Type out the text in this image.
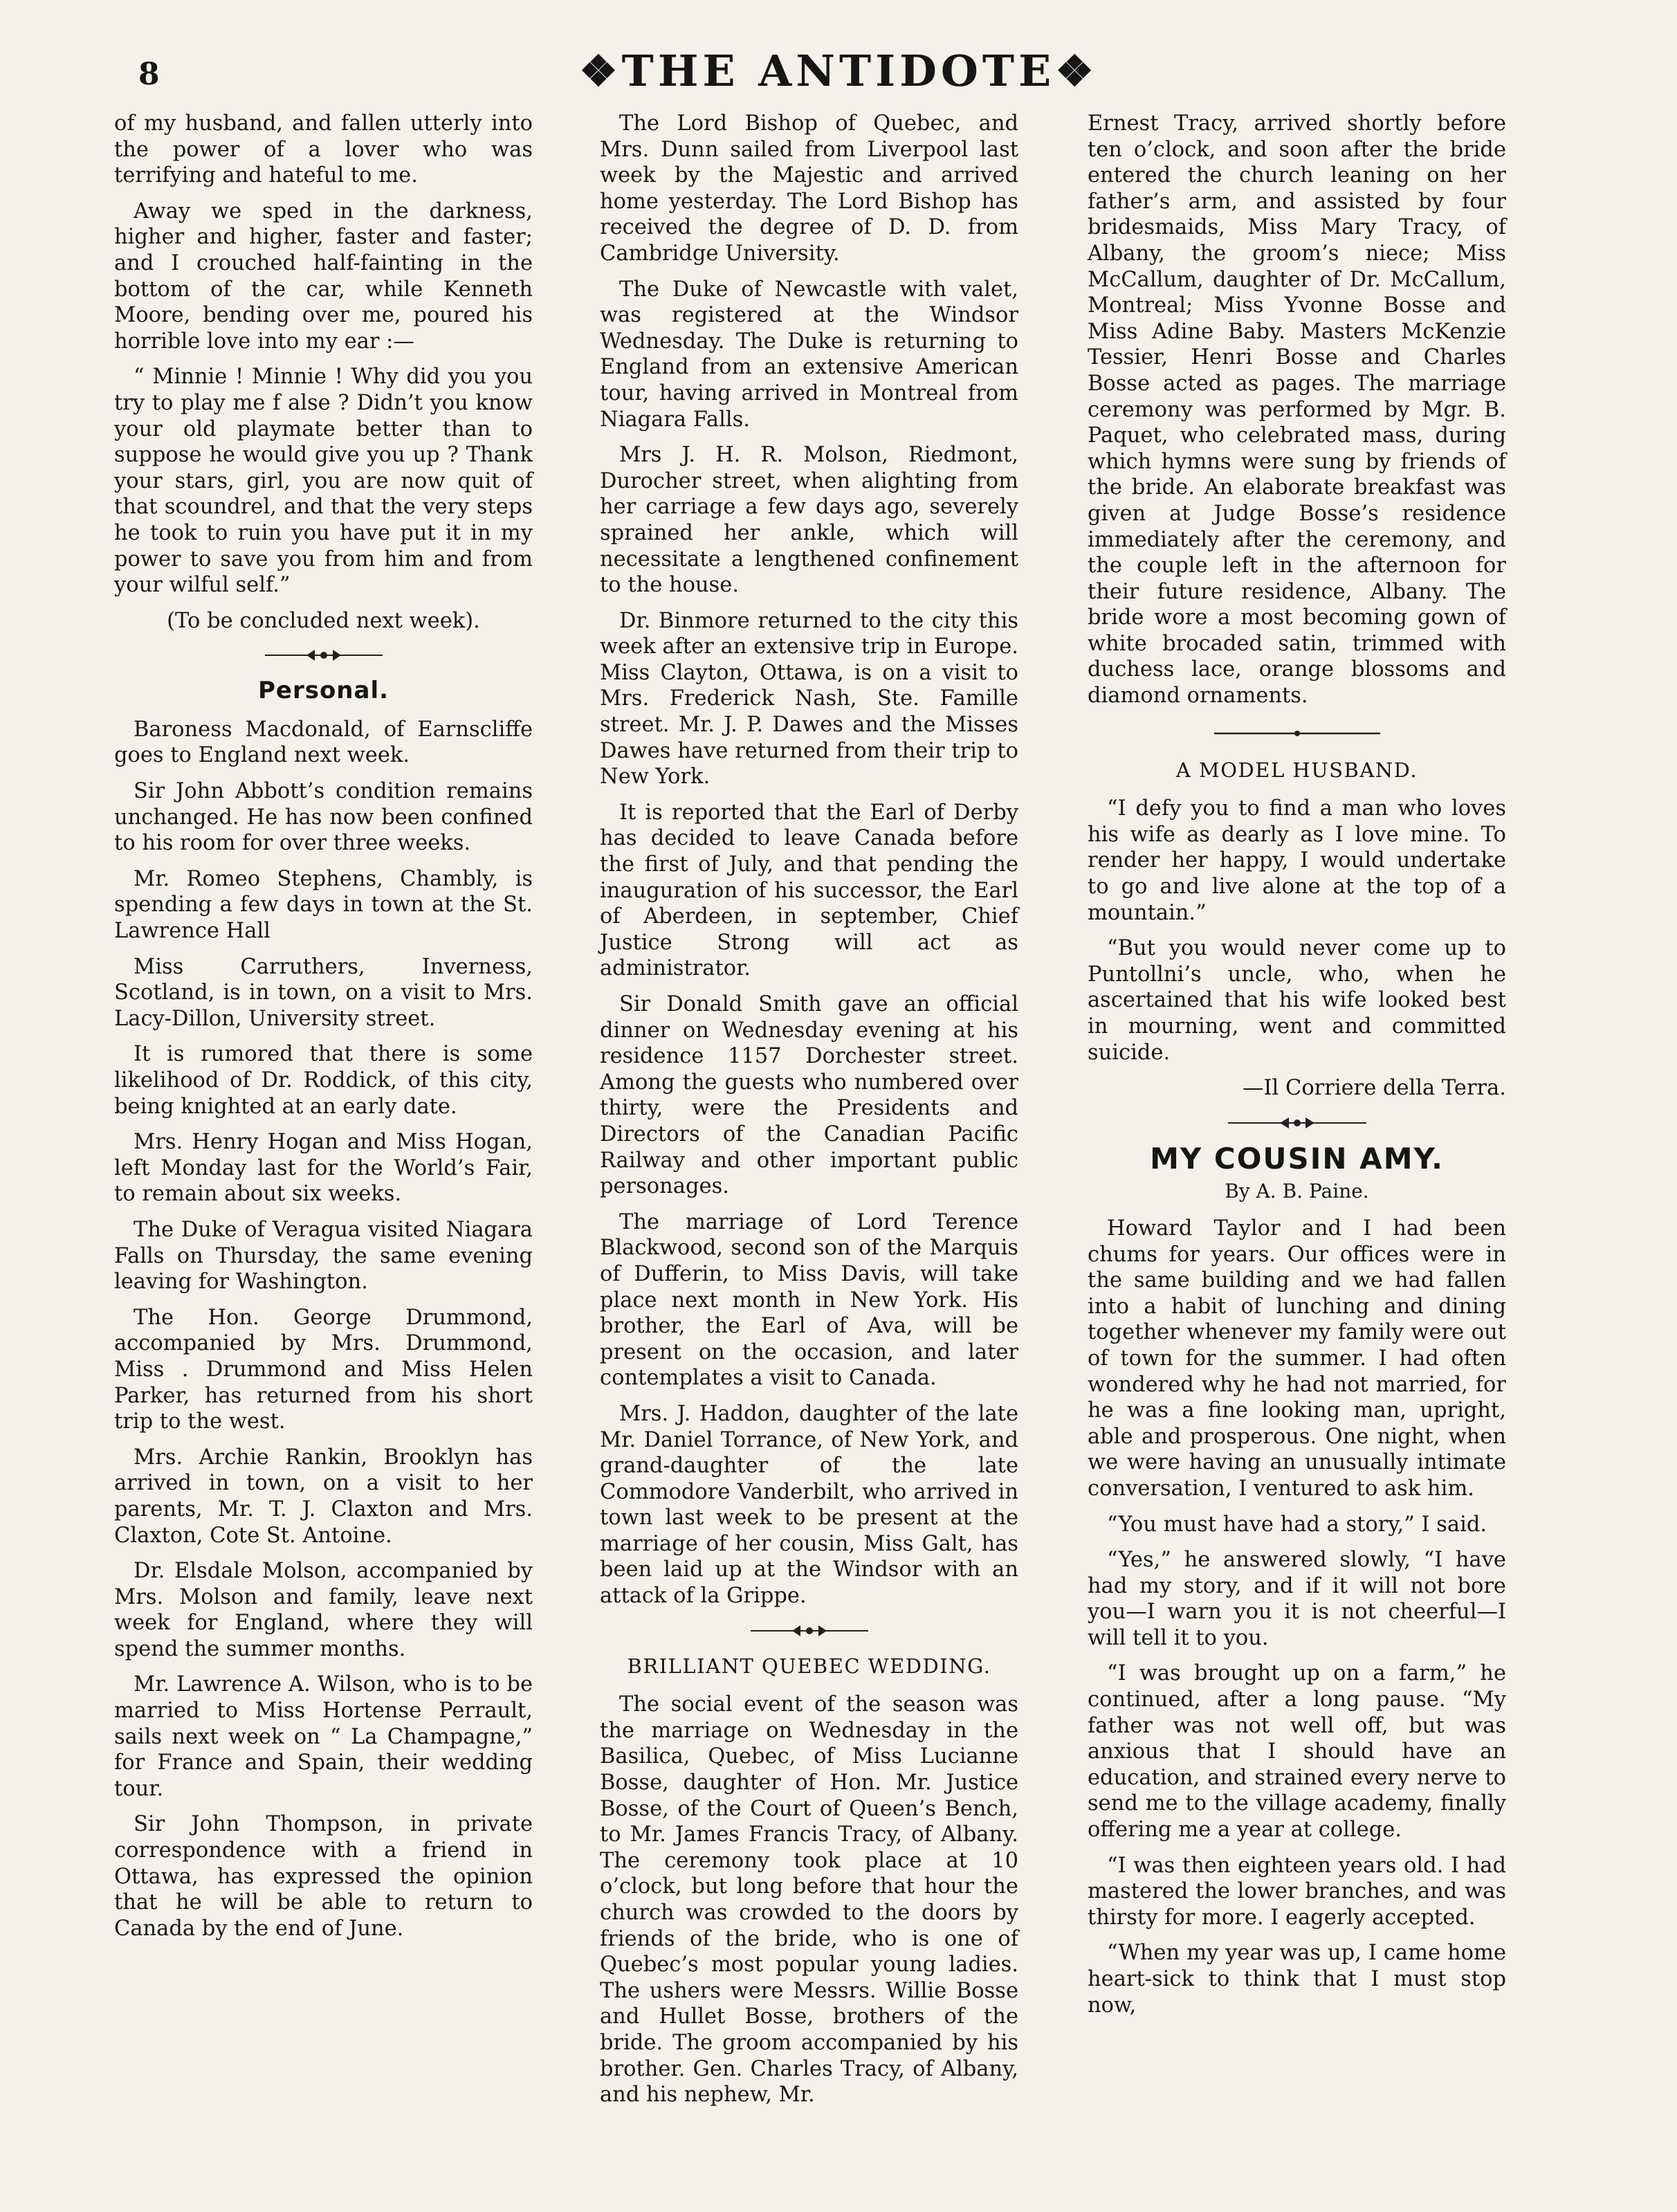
8	❖THE ANTIDOTE❖

of my husband, and fallen utterly into the power of a lover who was terrifying and hateful to me.

Away we sped in the darkness, higher and higher, faster and faster; and I crouched half-fainting in the bottom of the car, while Kenneth Moore, bending over me, poured his horrible love into my ear :—

“ Minnie ! Minnie ! Why did you you try to play me f alse ? Didn’t you know your old playmate better than to suppose he would give you up ? Thank your stars, girl, you are now quit of that scoundrel, and that the very steps he took to ruin you have put it in my power to save you from him and from your wilful self.”

(To be concluded next week).

Personal.

Baroness Macdonald, of Earnscliffe goes to England next week.

Sir John Abbott’s condition remains unchanged. He has now been confined to his room for over three weeks.

Mr. Romeo Stephens, Chambly, is spending a few days in town at the St. Lawrence Hall

Miss Carruthers, Inverness, Scotland, is in town, on a visit to Mrs. Lacy-Dillon, University street.

It is rumored that there is some likelihood of Dr. Roddick, of this city, being knighted at an early date.

Mrs. Henry Hogan and Miss Hogan, left Monday last for the World’s Fair, to remain about six weeks.

The Duke of Veragua visited Niagara Falls on Thursday, the same evening leaving for Washington.

The Hon. George Drummond, accompanied by Mrs. Drummond, Miss . Drummond and Miss Helen Parker, has returned from his short trip to the west.

Mrs. Archie Rankin, Brooklyn has arrived in town, on a visit to her parents, Mr. T. J. Claxton and Mrs. Claxton, Cote St. Antoine.

Dr. Elsdale Molson, accompanied by Mrs. Molson and family, leave next week for England, where they will spend the summer months.

Mr. Lawrence A. Wilson, who is to be married to Miss Hortense Perrault, sails next week on “ La Champagne,” for France and Spain, their wedding tour.

Sir John Thompson, in private correspondence with a friend in Ottawa, has expressed the opinion that he will be able to return to Canada by the end of June.

The Lord Bishop of Quebec, and Mrs. Dunn sailed from Liverpool last week by the Majestic and arrived home yesterday. The Lord Bishop has received the degree of D. D. from Cambridge University.

The Duke of Newcastle with valet, was registered at the Windsor Wednesday. The Duke is returning to England from an extensive American tour, having arrived in Montreal from Niagara Falls.

Mrs J. H. R. Molson, Riedmont, Durocher street, when alighting from her carriage a few days ago, severely sprained her ankle, which will necessitate a lengthened confinement to the house.

Dr. Binmore returned to the city this week after an extensive trip in Europe. Miss Clayton, Ottawa, is on a visit to Mrs. Frederick Nash, Ste. Famille street. Mr. J. P. Dawes and the Misses Dawes have returned from their trip to New York.

It is reported that the Earl of Derby has decided to leave Canada before the first of July, and that pending the inauguration of his successor, the Earl of Aberdeen, in september, Chief Justice Strong will act as administrator.

Sir Donald Smith gave an official dinner on Wednesday evening at his residence 1157 Dorchester street. Among the guests who numbered over thirty, were the Presidents and Directors of the Canadian Pacific Railway and other important public personages.

The marriage of Lord Terence Blackwood, second son of the Marquis of Dufferin, to Miss Davis, will take place next month in New York. His brother, the Earl of Ava, will be present on the occasion, and later contemplates a visit to Canada.

Mrs. J. Haddon, daughter of the late Mr. Daniel Torrance, of New York, and grand-daughter of the late Commodore Vanderbilt, who arrived in town last week to be present at the marriage of her cousin, Miss Galt, has been laid up at the Windsor with an attack of la Grippe.

BRILLIANT QUEBEC WEDDING.

The social event of the season was the marriage on Wednesday in the Basilica, Quebec, of Miss Lucianne Bosse, daughter of Hon. Mr. Justice Bosse, of the Court of Queen’s Bench, to Mr. James Francis Tracy, of Albany. The ceremony took place at 10 o’clock, but long before that hour the church was crowded to the doors by friends of the bride, who is one of Quebec’s most popular young ladies. The ushers were Messrs. Willie Bosse and Hullet Bosse, brothers of the bride. The groom accompanied by his brother. Gen. Charles Tracy, of Albany, and his nephew, Mr.

Ernest Tracy, arrived shortly before ten o’clock, and soon after the bride entered the church leaning on her father’s arm, and assisted by four bridesmaids, Miss Mary Tracy, of Albany, the groom’s niece; Miss McCallum, daughter of Dr. McCallum, Montreal; Miss Yvonne Bosse and Miss Adine Baby. Masters McKenzie Tessier, Henri Bosse and Charles Bosse acted as pages. The marriage ceremony was performed by Mgr. B. Paquet, who celebrated mass, during which hymns were sung by friends of the bride. An elaborate breakfast was given at Judge Bosse’s residence immediately after the ceremony, and the couple left in the afternoon for their future residence, Albany. The bride wore a most becoming gown of white brocaded satin, trimmed with duchess lace, orange blossoms and diamond ornaments.

A MODEL HUSBAND.

“I defy you to find a man who loves his wife as dearly as I love mine. To render her happy, I would undertake to go and live alone at the top of a mountain.”

“But you would never come up to Puntollni’s uncle, who, when he ascertained that his wife looked best in mourning, went and committed suicide.

—Il Corriere della Terra.

MY COUSIN AMY.
By A. B. Paine.

Howard Taylor and I had been chums for years. Our offices were in the same building and we had fallen into a habit of lunching and dining together whenever my family were out of town for the summer. I had often wondered why he had not married, for he was a fine looking man, upright, able and prosperous. One night, when we were having an unusually intimate conversation, I ventured to ask him.

“You must have had a story,” I said.

“Yes,” he answered slowly, “I have had my story, and if it will not bore you—I warn you it is not cheerful—I will tell it to you.

“I was brought up on a farm,” he continued, after a long pause. “My father was not well off, but was anxious that I should have an education, and strained every nerve to send me to the village academy, finally offering me a year at college.

“I was then eighteen years old. I had mastered the lower branches, and was thirsty for more. I eagerly accepted.

“When my year was up, I came home heart-sick to think that I must stop now,
